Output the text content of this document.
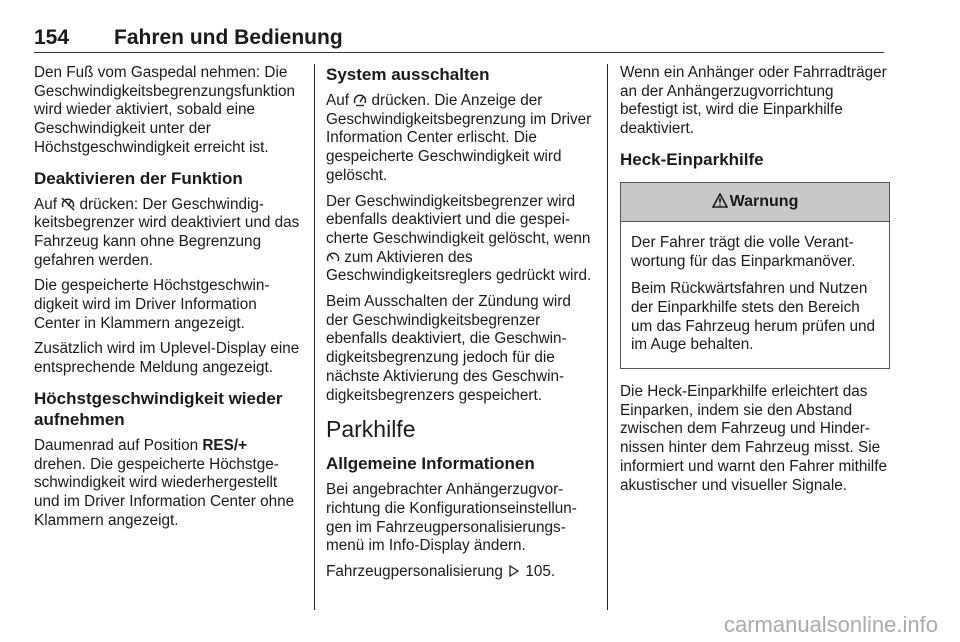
154 Fahren und Bedienung

Den Fuß vom Gaspedal nehmen: Die Geschwindigkeitsbegrenzungsfunktion wird wieder aktiviert, sobald eine Geschwindigkeit unter der Höchstgeschwindigkeit erreicht ist.

Deaktivieren der Funktion

Auf drücken: Der Geschwindigkeitsbegrenzer wird deaktiviert und das Fahrzeug kann ohne Begrenzung gefahren werden.

Die gespeicherte Höchstgeschwindigkeit wird im Driver Information Center in Klammern angezeigt.

Zusätzlich wird im Uplevel-Display eine entsprechende Meldung angezeigt.

Höchstgeschwindigkeit wieder aufnehmen

Daumenrad auf Position RES/+ drehen. Die gespeicherte Höchstgeschwindigkeit wird wiederhergestellt und im Driver Information Center ohne Klammern angezeigt.

System ausschalten

Auf drücken. Die Anzeige der Geschwindigkeitsbegrenzung im Driver Information Center erlischt. Die gespeicherte Geschwindigkeit wird gelöscht.

Der Geschwindigkeitsbegrenzer wird ebenfalls deaktiviert und die gespeicherte Geschwindigkeit gelöscht, wenn  zum Aktivieren des Geschwindigkeitsreglers gedrückt wird.

Beim Ausschalten der Zündung wird der Geschwindigkeitsbegrenzer ebenfalls deaktiviert, die Geschwindigkeitsbegrenzung jedoch für die nächste Aktivierung des Geschwindigkeitsbegrenzers gespeichert.

Parkhilfe
Allgemeine Informationen

Bei angebrachter Anhängerzugvorrichtung die Konfigurationseinstellungen im Fahrzeugpersonalisierungsmenü im Info-Display ändern.

Fahrzeugpersonalisierung 105.

Wenn ein Anhänger oder Fahrradträger an der Anhängerzugvorrichtung befestigt ist, wird die Einparkhilfe deaktiviert.

Heck-Einparkhilfe
Warnung

Der Fahrer trägt die volle Verantwortung für das Einparkmanöver.

Beim Rückwärtsfahren und Nutzen der Einparkhilfe stets den Bereich um das Fahrzeug herum prüfen und im Auge behalten.

Die Heck-Einparkhilfe erleichtert das Einparken, indem sie den Abstand zwischen dem Fahrzeug und Hindernissen hinter dem Fahrzeug misst. Sie informiert und warnt den Fahrer mithilfe akustischer und visueller Signale.

carmanualsonline.info
